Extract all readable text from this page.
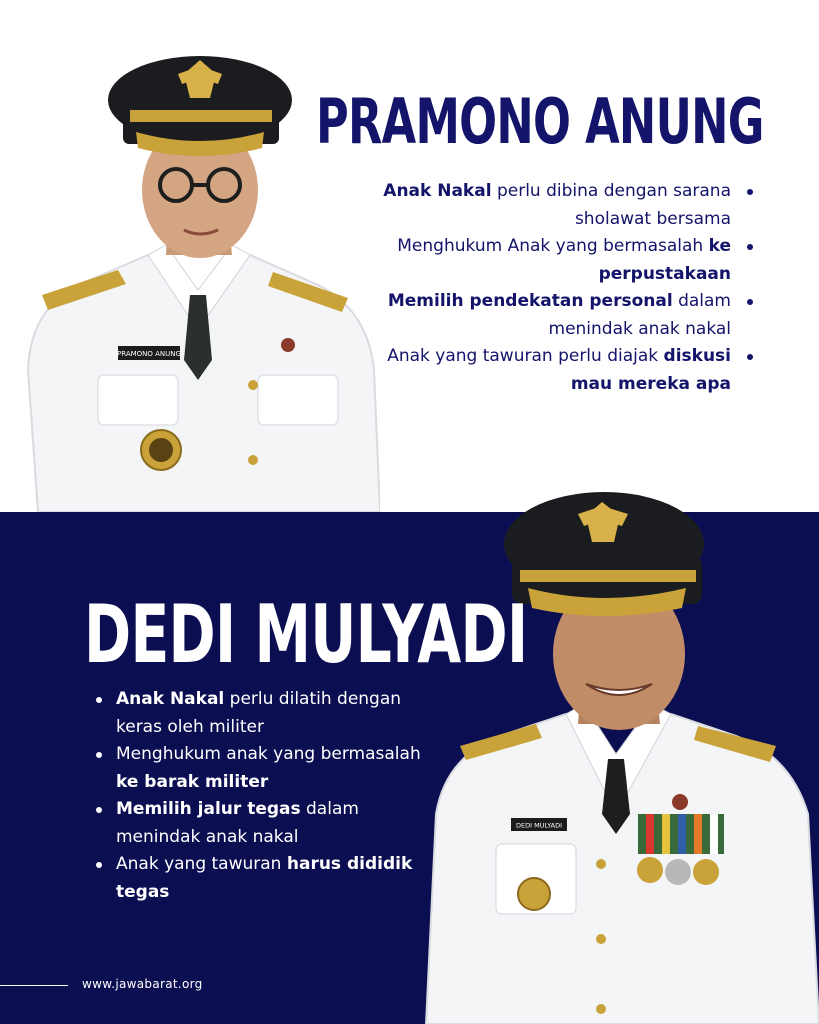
PRAMONO ANUNG
DEDI MULYADI
PRAMONO ANUNG
DEDI MULYADI
Anak Nakal perlu dibina dengan sarana sholawat bersama
Menghukum Anak yang bermasalah ke perpustakaan
Memilih pendekatan personal dalam menindak anak nakal
Anak yang tawuran perlu diajak diskusi mau mereka apa
Anak Nakal perlu dilatih dengan keras oleh militer
Menghukum anak yang bermasalah ke barak militer
Memilih jalur tegas dalam menindak anak nakal
Anak yang tawuran harus dididik tegas
www.jawabarat.org
